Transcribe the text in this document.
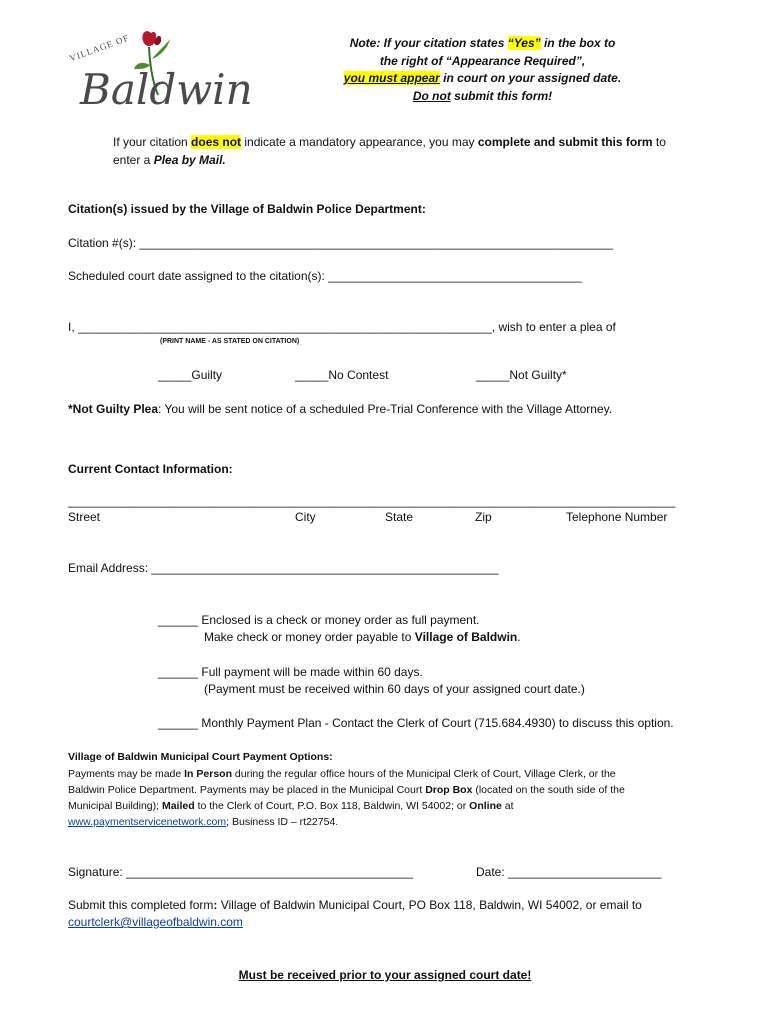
VILLAGE OF
Baldwin
Note: If your citation states “Yes” in the box to
the right of “Appearance Required”,
you must appear in court on your assigned date.
Do not submit this form!
If your citation does not indicate a mandatory appearance, you may complete and submit this form to
enter a Plea by Mail.
Citation(s) issued by the Village of Baldwin Police Department:
Citation #(s): _______________________________________________________________________
Scheduled court date assigned to the citation(s): ______________________________________
I, ______________________________________________________________, wish to enter a plea of
(PRINT NAME - AS STATED ON CITATION)
_____Guilty	_____No Contest	_____Not Guilty*
*Not Guilty Plea: You will be sent notice of a scheduled Pre-Trial Conference with the Village Attorney.
Current Contact Information:
___________________________________________________________________________________________
Street	City	State	Zip	Telephone Number
Email Address: ____________________________________________________
______ Enclosed is a check or money order as full payment.
Make check or money order payable to Village of Baldwin.
______ Full payment will be made within 60 days.
(Payment must be received within 60 days of your assigned court date.)
______ Monthly Payment Plan - Contact the Clerk of Court (715.684.4930) to discuss this option.
Village of Baldwin Municipal Court Payment Options:
Payments may be made In Person during the regular office hours of the Municipal Clerk of Court, Village Clerk, or the
Baldwin Police Department. Payments may be placed in the Municipal Court Drop Box (located on the south side of the
Municipal Building); Mailed to the Clerk of Court, P.O. Box 118, Baldwin, WI 54002; or Online at
www.paymentservicenetwork.com; Business ID – rt22754.
Signature: ___________________________________________	Date: _______________________
Submit this completed form: Village of Baldwin Municipal Court, PO Box 118, Baldwin, WI 54002, or email to
courtclerk@villageofbaldwin.com
Must be received prior to your assigned court date!
